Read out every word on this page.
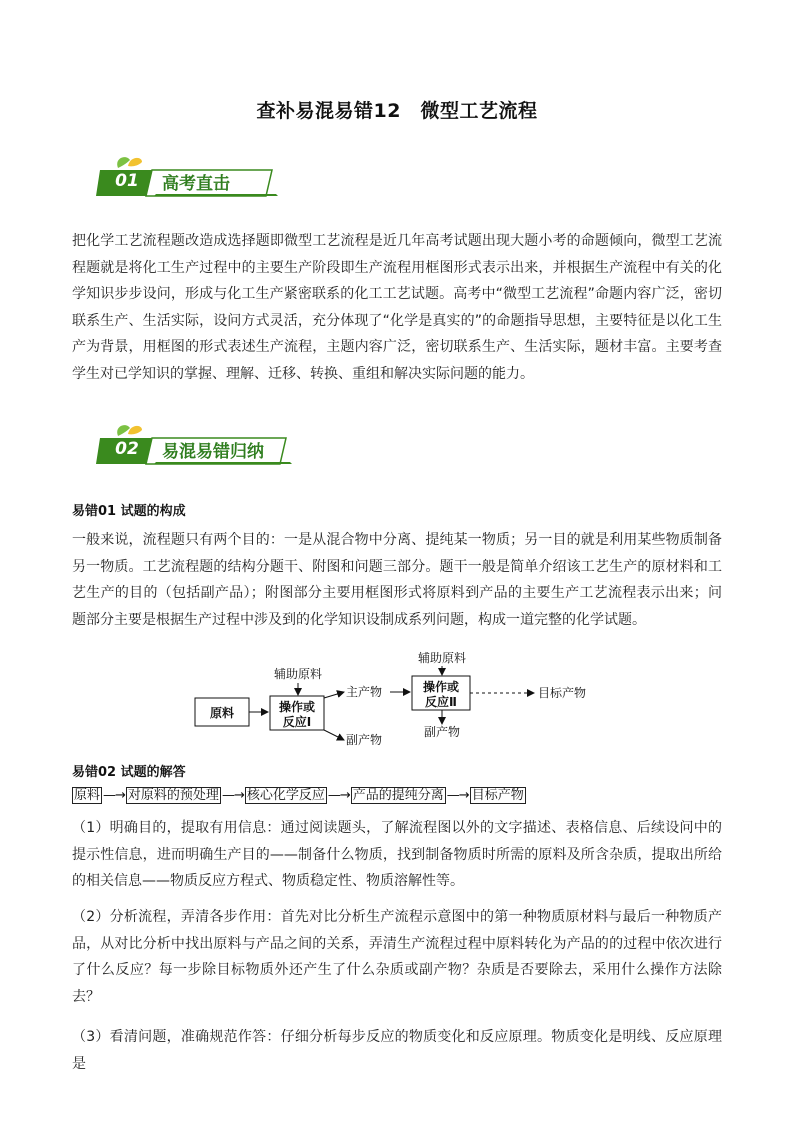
查补易混易错12　微型工艺流程
01	高考直击
把化学工艺流程题改造成选择题即微型工艺流程是近几年高考试题出现大题小考的命题倾向，微型工艺流程题就是将化工生产过程中的主要生产阶段即生产流程用框图形式表示出来，并根据生产流程中有关的化学知识步步设问，形成与化工生产紧密联系的化工工艺试题。高考中“微型工艺流程”命题内容广泛，密切联系生产、生活实际，设问方式灵活，充分体现了“化学是真实的”的命题指导思想，主要特征是以化工生产为背景，用框图的形式表述生产流程，主题内容广泛，密切联系生产、生活实际，题材丰富。主要考查学生对已学知识的掌握、理解、迁移、转换、重组和解决实际问题的能力。
02	易混易错归纳
易错01 试题的构成
一般来说，流程题只有两个目的：一是从混合物中分离、提纯某一物质；另一目的就是利用某些物质制备另一物质。工艺流程题的结构分题干、附图和问题三部分。题干一般是简单介绍该工艺生产的原材料和工艺生产的目的（包括副产品）；附图部分主要用框图形式将原料到产品的主要生产工艺流程表示出来；问题部分主要是根据生产过程中涉及到的化学知识设制成系列问题，构成一道完整的化学试题。
原料
辅助原料
操作或
反应Ⅰ
主产物
副产物
辅助原料
操作或
反应Ⅱ
副产物
目标产物
易错02 试题的解答
原料 —→ 对原料的预处理 —→ 核心化学反应 —→ 产品的提纯分离 —→ 目标产物
（1）明确目的，提取有用信息：通过阅读题头，了解流程图以外的文字描述、表格信息、后续设问中的提示性信息，进而明确生产目的——制备什么物质，找到制备物质时所需的原料及所含杂质，提取出所给的相关信息——物质反应方程式、物质稳定性、物质溶解性等。
（2）分析流程，弄清各步作用：首先对比分析生产流程示意图中的第一种物质原材料与最后一种物质产品，从对比分析中找出原料与产品之间的关系，弄清生产流程过程中原料转化为产品的的过程中依次进行了什么反应？每一步除目标物质外还产生了什么杂质或副产物？杂质是否要除去，采用什么操作方法除去？
（3）看清问题，准确规范作答：仔细分析每步反应的物质变化和反应原理。物质变化是明线、反应原理是
